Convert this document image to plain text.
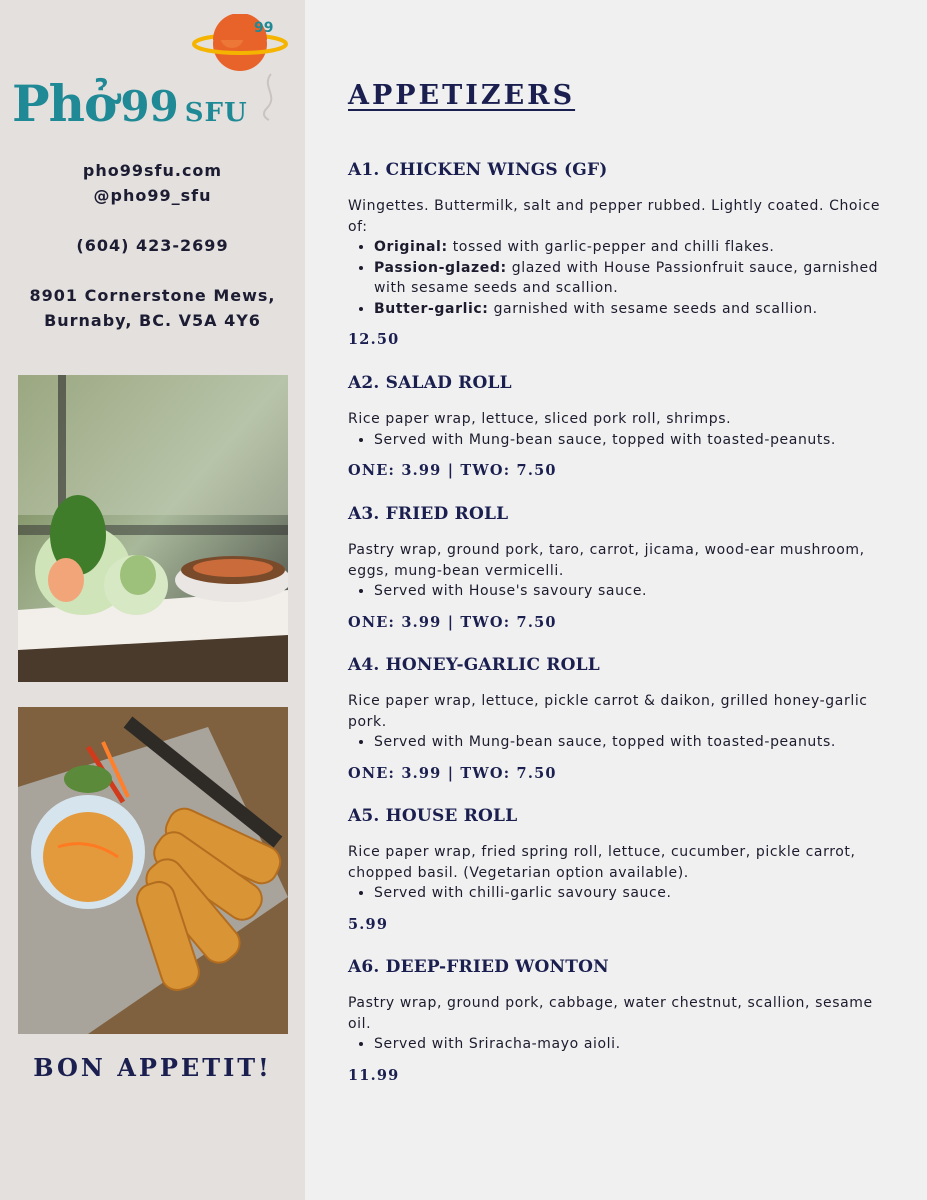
99
Phở99 SFU
pho99sfu.com
@pho99_sfu
(604) 423-2699
8901 Cornerstone Mews,
Burnaby, BC. V5A 4Y6
BON APPETIT!
APPETIZERS
A1. CHICKEN WINGS (GF)
Wingettes. Buttermilk, salt and pepper rubbed. Lightly coated. Choice of:
• Original: tossed with garlic-pepper and chilli flakes.
• Passion-glazed: glazed with House Passionfruit sauce, garnished with sesame seeds and scallion.
• Butter-garlic: garnished with sesame seeds and scallion.
12.50
A2. SALAD ROLL
Rice paper wrap, lettuce, sliced pork roll, shrimps.
• Served with Mung-bean sauce, topped with toasted-peanuts.
ONE: 3.99 | TWO: 7.50
A3. FRIED ROLL
Pastry wrap, ground pork, taro, carrot, jicama, wood-ear mushroom, eggs, mung-bean vermicelli.
• Served with House's savoury sauce.
ONE: 3.99 | TWO: 7.50
A4. HONEY-GARLIC ROLL
Rice paper wrap, lettuce, pickle carrot & daikon, grilled honey-garlic pork.
• Served with Mung-bean sauce, topped with toasted-peanuts.
ONE: 3.99 | TWO: 7.50
A5. HOUSE ROLL
Rice paper wrap, fried spring roll, lettuce, cucumber, pickle carrot, chopped basil. (Vegetarian option available).
• Served with chilli-garlic savoury sauce.
5.99
A6. DEEP-FRIED WONTON
Pastry wrap, ground pork, cabbage, water chestnut, scallion, sesame oil.
• Served with Sriracha-mayo aioli.
11.99
